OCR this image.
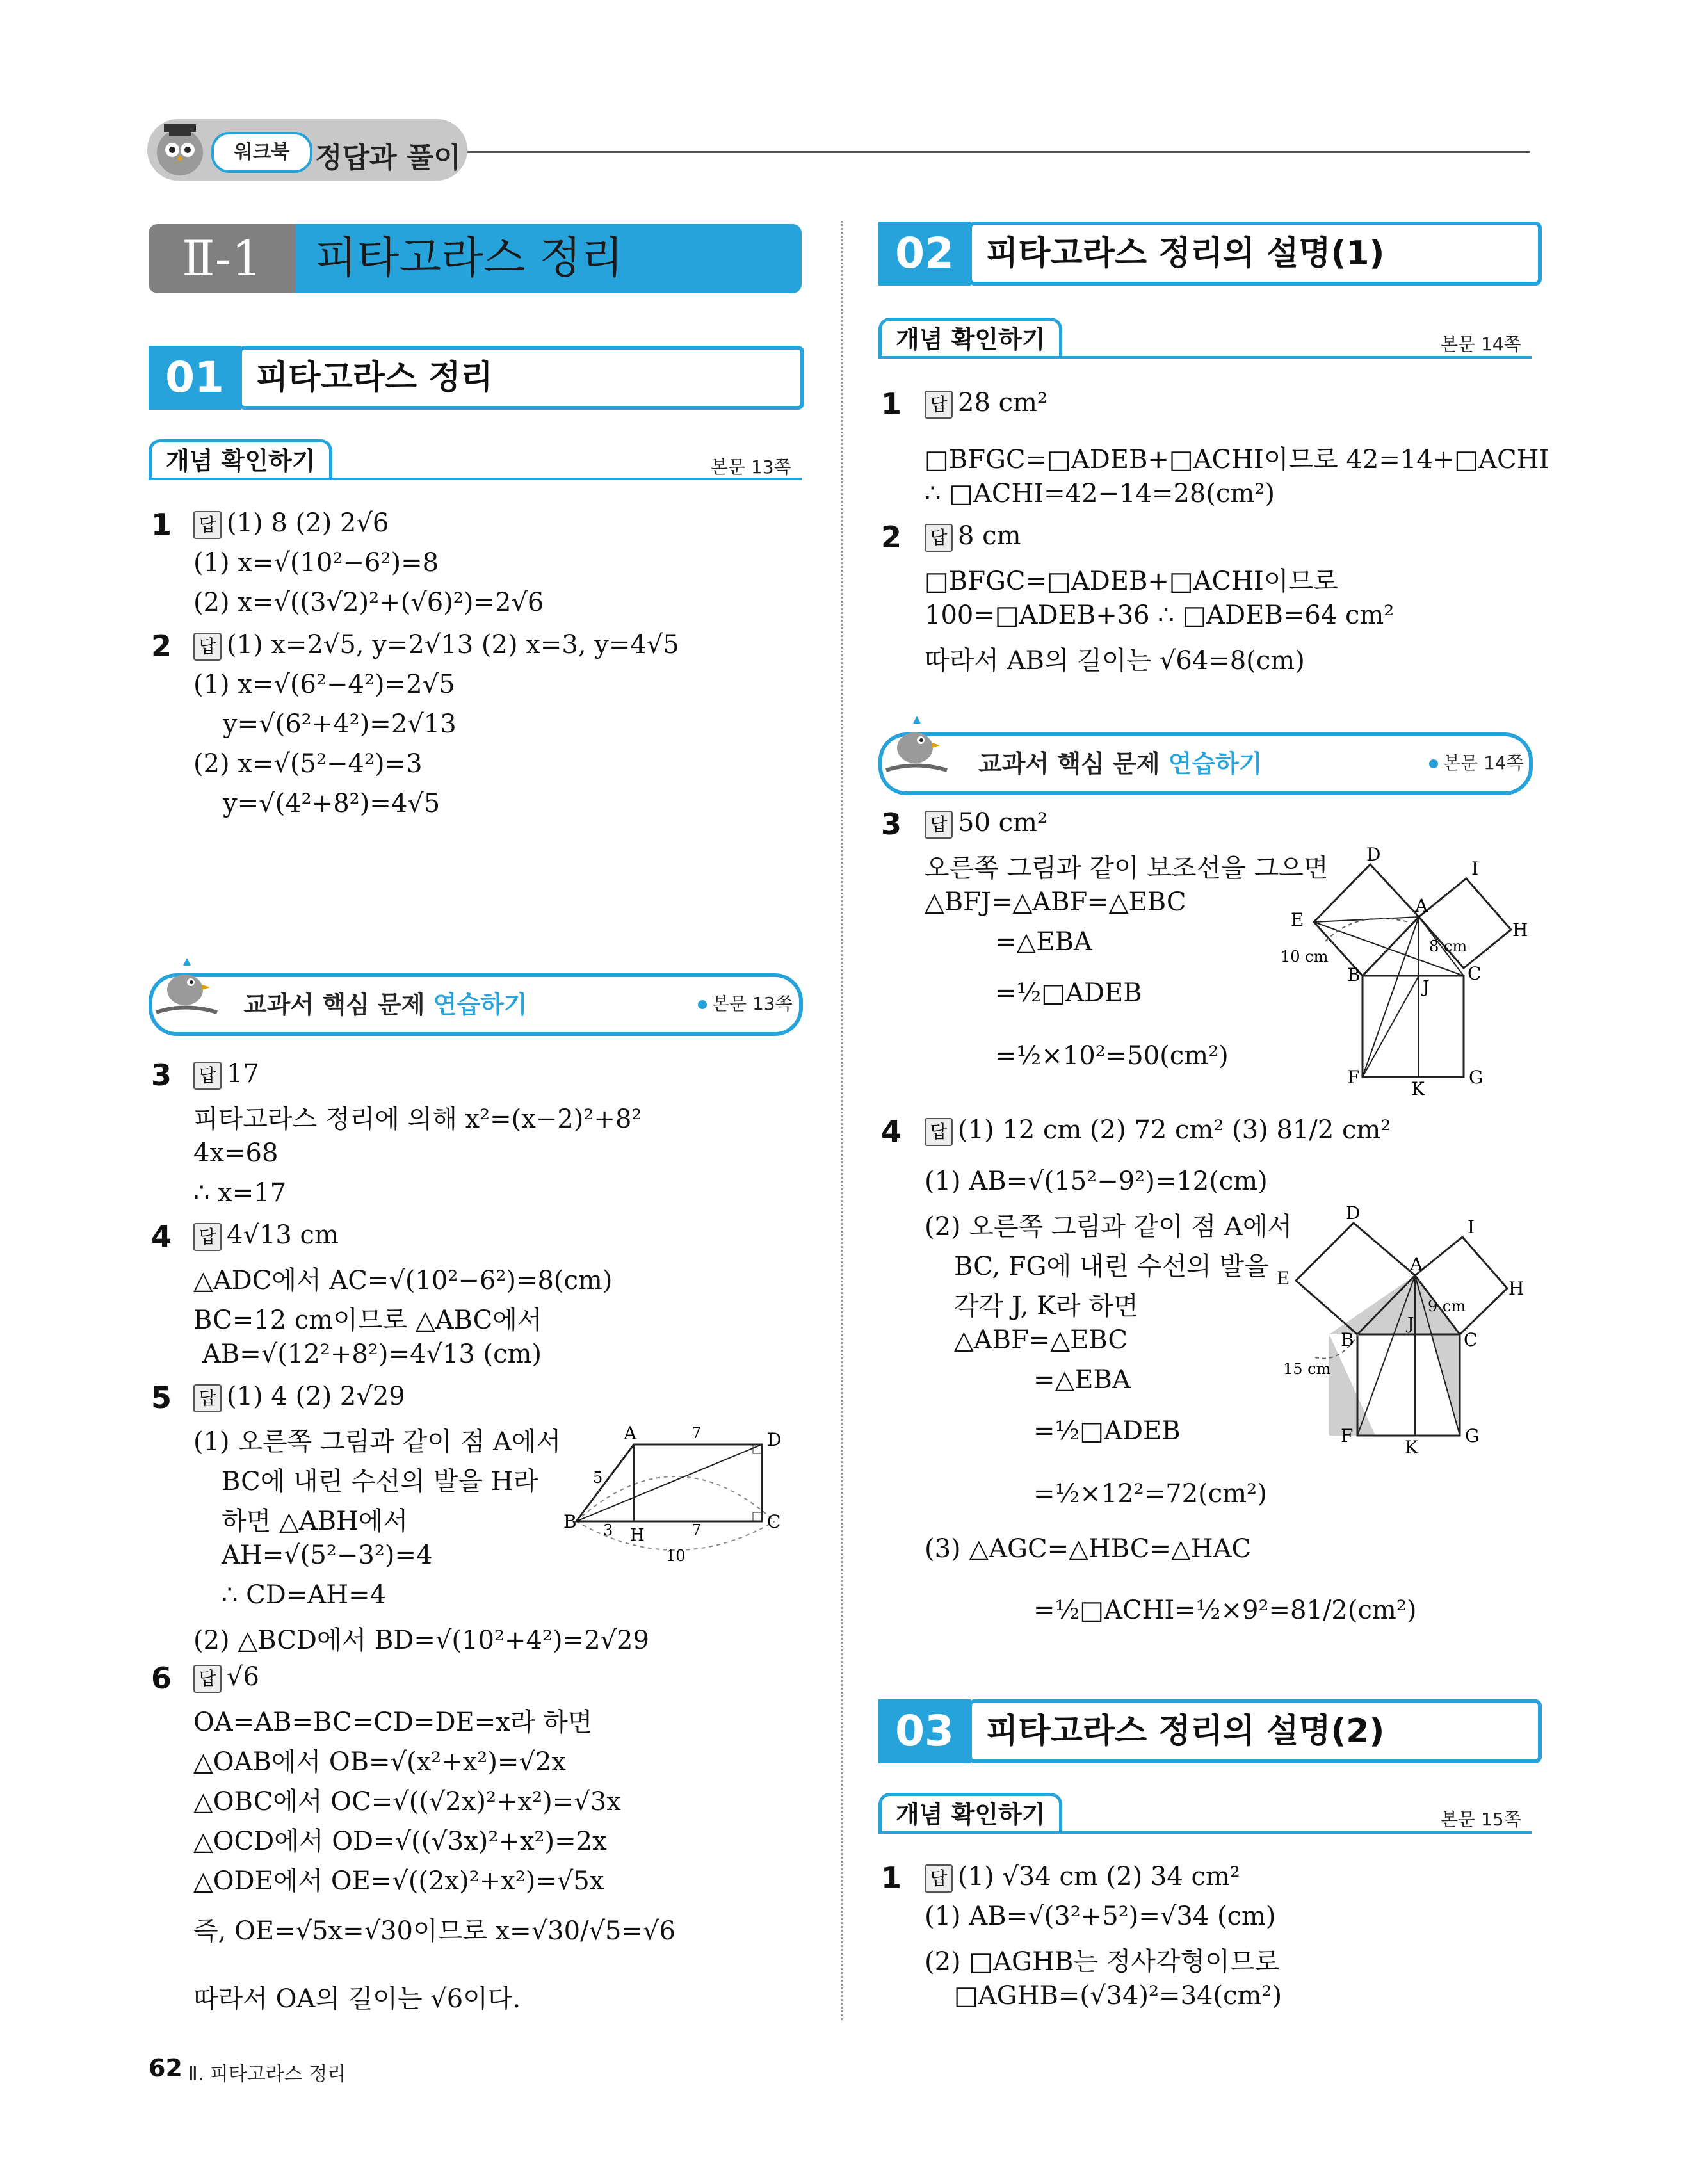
워크북 정답과 풀이
Ⅱ-1	피타고라스 정리
01 피타고라스 정리
개념 확인하기	본문 13쪽
1	답 (1) 8 (2) 2√6
(1) x=√(10²−6²)=8
(2) x=√((3√2)²+(√6)²)=2√6
2	답 (1) x=2√5, y=2√13 (2) x=3, y=4√5
(1) x=√(6²−4²)=2√5
y=√(6²+4²)=2√13
(2) x=√(5²−4²)=3
y=√(4²+8²)=4√5
교과서 핵심 문제 연습하기	본문 13쪽
3	답 17
피타고라스 정리에 의해 x²=(x−2)²+8²
4x=68
∴ x=17
4	답 4√13 cm
△ADC에서 AC=√(10²−6²)=8(cm)
BC=12 cm이므로 △ABC에서
AB=√(12²+8²)=4√13 (cm)
5	답 (1) 4 (2) 2√29
(1) 오른쪽 그림과 같이 점 A에서
BC에 내린 수선의 발을 H라
하면 △ABH에서
AH=√(5²−3²)=4
∴ CD=AH=4
(2) △BCD에서 BD=√(10²+4²)=2√29
A	D
B	C
H
5
7
3	7
10
6	답 √6
OA=AB=BC=CD=DE=x라 하면
△OAB에서 OB=√(x²+x²)=√2x
△OBC에서 OC=√((√2x)²+x²)=√3x
△OCD에서 OD=√((√3x)²+x²)=2x
△ODE에서 OE=√((2x)²+x²)=√5x
즉, OE=√5x=√30이므로 x=√30/√5=√6
따라서 OA의 길이는 √6이다.
02 피타고라스 정리의 설명(1)
개념 확인하기	본문 14쪽
1	답 28 cm²
□BFGC=□ADEB+□ACHI이므로 42=14+□ACHI
∴ □ACHI=42−14=28(cm²)
2	답 8 cm
□BFGC=□ADEB+□ACHI이므로
100=□ADEB+36 ∴ □ADEB=64 cm²
따라서 AB의 길이는 √64=8(cm)
교과서 핵심 문제 연습하기	본문 14쪽
3	답 50 cm²
오른쪽 그림과 같이 보조선을 그으면
△BFJ=△ABF=△EBC
=△EBA
=½□ADEB
=½×10²=50(cm²)
D
I
E
A
H
B
J
C
F
K
G
8 cm
10 cm
4	답 (1) 12 cm (2) 72 cm² (3) 81/2 cm²
(1) AB=√(15²−9²)=12(cm)
(2) 오른쪽 그림과 같이 점 A에서
BC, FG에 내린 수선의 발을
각각 J, K라 하면
△ABF=△EBC
=△EBA
=½□ADEB
=½×12²=72(cm²)
(3) △AGC=△HBC=△HAC
=½□ACHI=½×9²=81/2(cm²)
D
I
E
A
H
B
J
C
F
K
G
9 cm
15 cm
03 피타고라스 정리의 설명(2)
개념 확인하기	본문 15쪽
1	답 (1) √34 cm (2) 34 cm²
(1) AB=√(3²+5²)=√34 (cm)
(2) □AGHB는 정사각형이므로
□AGHB=(√34)²=34(cm²)
62 Ⅱ. 피타고라스 정리
